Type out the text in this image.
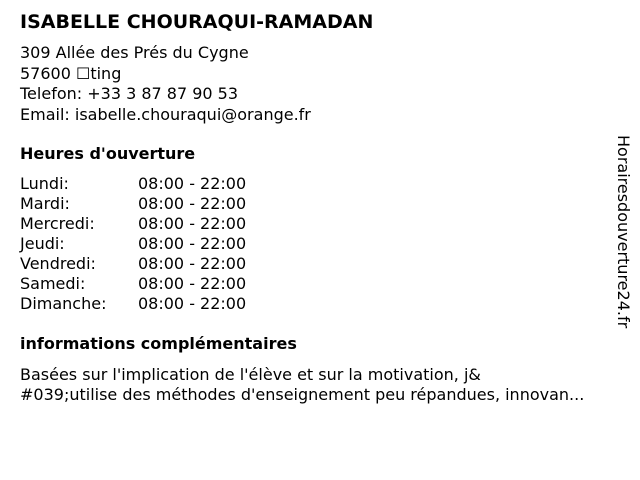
ISABELLE CHOURAQUI-RAMADAN
309 Allée des Prés du Cygne
57600 ☐ting
Telefon: +33 3 87 87 90 53
Email: isabelle.chouraqui@orange.fr
Heures d'ouverture
Lundi:	08:00 - 22:00
Mardi:	08:00 - 22:00
Mercredi:	08:00 - 22:00
Jeudi:	08:00 - 22:00
Vendredi:	08:00 - 22:00
Samedi:	08:00 - 22:00
Dimanche:	08:00 - 22:00
informations complémentaires
Basées sur l'implication de l'élève et sur la motivation, j&
#039;utilise des méthodes d'enseignement peu répandues, innovan...
Horairesdouverture24.fr
